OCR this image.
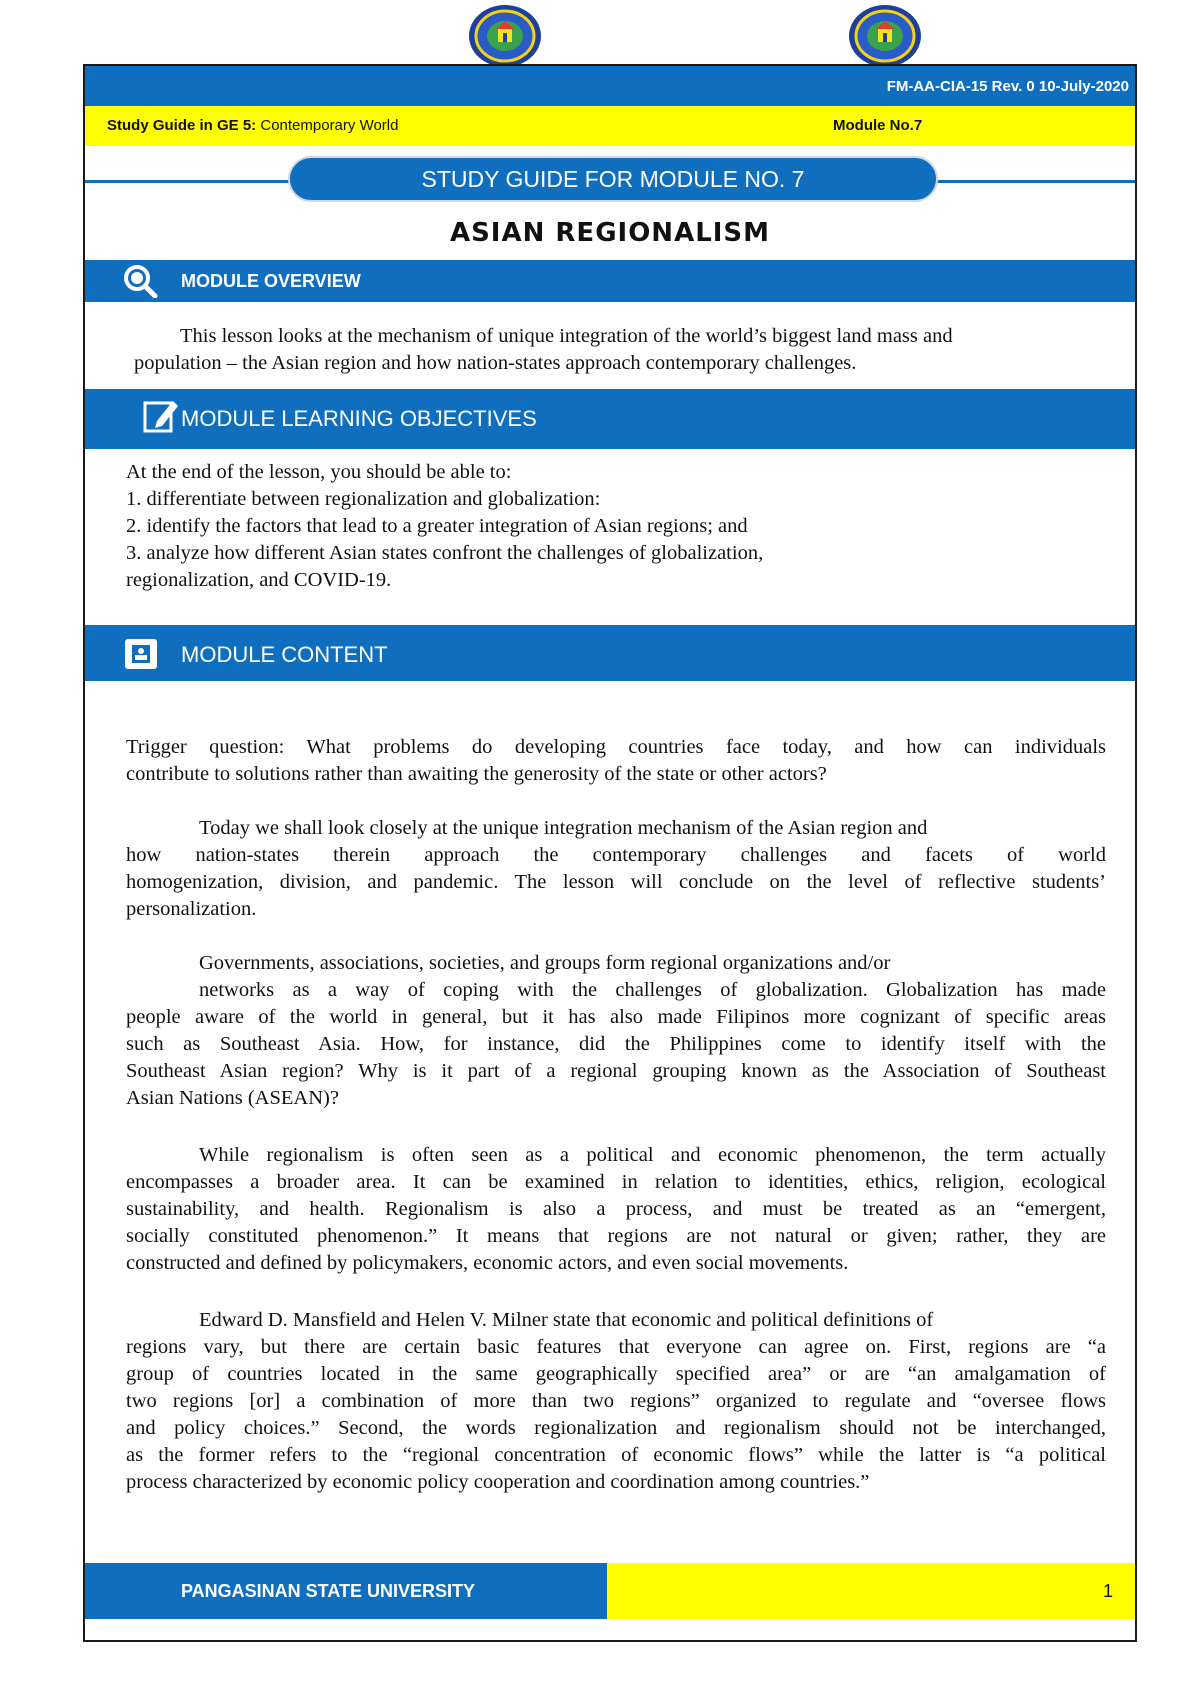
FM-AA-CIA-15 Rev. 0 10-July-2020
Study Guide in GE 5: Contemporary World	Module No.7
STUDY GUIDE FOR MODULE NO. 7
ASIAN REGIONALISM
MODULE OVERVIEW
This lesson looks at the mechanism of unique integration of the world’s biggest land mass and
population – the Asian region and how nation-states approach contemporary challenges.
MODULE LEARNING OBJECTIVES
At the end of the lesson, you should be able to:
1. differentiate between regionalization and globalization:
2. identify the factors that lead to a greater integration of Asian regions; and
3. analyze how different Asian states confront the challenges of globalization,
regionalization, and COVID-19.
MODULE CONTENT
Trigger question: What problems do developing countries face today, and how can individuals
contribute to solutions rather than awaiting the generosity of the state or other actors?
Today we shall look closely at the unique integration mechanism of the Asian region and
how nation-states therein approach the contemporary challenges and facets of world
homogenization, division, and pandemic. The lesson will conclude on the level of reflective students’
personalization.
Governments, associations, societies, and groups form regional organizations and/or
networks as a way of coping with the challenges of globalization. Globalization has made
people aware of the world in general, but it has also made Filipinos more cognizant of specific areas
such as Southeast Asia. How, for instance, did the Philippines come to identify itself with the
Southeast Asian region? Why is it part of a regional grouping known as the Association of Southeast
Asian Nations (ASEAN)?
While regionalism is often seen as a political and economic phenomenon, the term actually
encompasses a broader area. It can be examined in relation to identities, ethics, religion, ecological
sustainability, and health. Regionalism is also a process, and must be treated as an “emergent,
socially constituted phenomenon.” It means that regions are not natural or given; rather, they are
constructed and defined by policymakers, economic actors, and even social movements.
Edward D. Mansfield and Helen V. Milner state that economic and political definitions of
regions vary, but there are certain basic features that everyone can agree on. First, regions are “a
group of countries located in the same geographically specified area” or are “an amalgamation of
two regions [or] a combination of more than two regions” organized to regulate and “oversee flows
and policy choices.” Second, the words regionalization and regionalism should not be interchanged,
as the former refers to the “regional concentration of economic flows” while the latter is “a political
process characterized by economic policy cooperation and coordination among countries.”
PANGASINAN STATE UNIVERSITY	1
